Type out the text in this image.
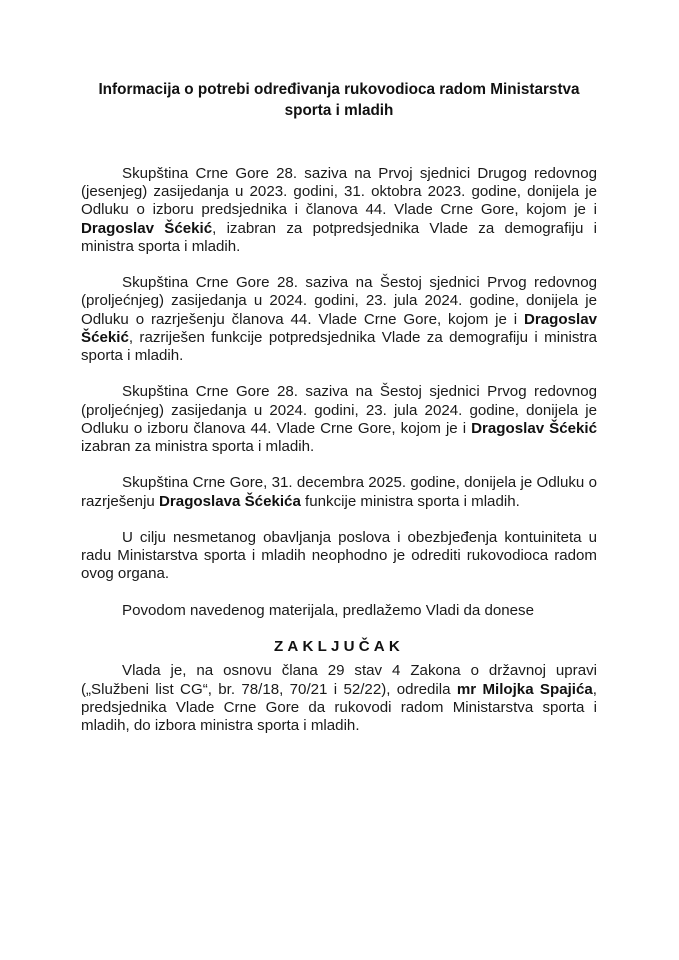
Informacija o potrebi određivanja rukovodioca radom Ministarstva sporta i mladih

Skupština Crne Gore 28. saziva na Prvoj sjednici Drugog redovnog (jesenjeg) zasijedanja u 2023. godini, 31. oktobra 2023. godine, donijela je Odluku o izboru predsjednika i članova 44. Vlade Crne Gore, kojom je i Dragoslav Šćekić, izabran za potpredsjednika Vlade za demografiju i ministra sporta i mladih.

Skupština Crne Gore 28. saziva na Šestoj sjednici Prvog redovnog (proljećnjeg) zasijedanja u 2024. godini, 23. jula 2024. godine, donijela je Odluku o razrješenju članova 44. Vlade Crne Gore, kojom je i Dragoslav Šćekić, razriješen funkcije potpredsjednika Vlade za demografiju i ministra sporta i mladih.

Skupština Crne Gore 28. saziva na Šestoj sjednici Prvog redovnog (proljećnjeg) zasijedanja u 2024. godini, 23. jula 2024. godine, donijela je Odluku o izboru članova 44. Vlade Crne Gore, kojom je i Dragoslav Šćekić izabran za ministra sporta i mladih.

Skupština Crne Gore, 31. decembra 2025. godine, donijela je Odluku o razrješenju Dragoslava Šćekića funkcije ministra sporta i mladih.

U cilju nesmetanog obavljanja poslova i obezbjeđenja kontuiniteta u radu Ministarstva sporta i mladih neophodno je odrediti rukovodioca radom ovog organa.

Povodom navedenog materijala, predlažemo Vladi da donese

ZAKLJUČAK

Vlada je, na osnovu člana 29 stav 4 Zakona o državnoj upravi („Službeni list CG“, br. 78/18, 70/21 i 52/22), odredila mr Milojka Spajića, predsjednika Vlade Crne Gore da rukovodi radom Ministarstva sporta i mladih, do izbora ministra sporta i mladih.
